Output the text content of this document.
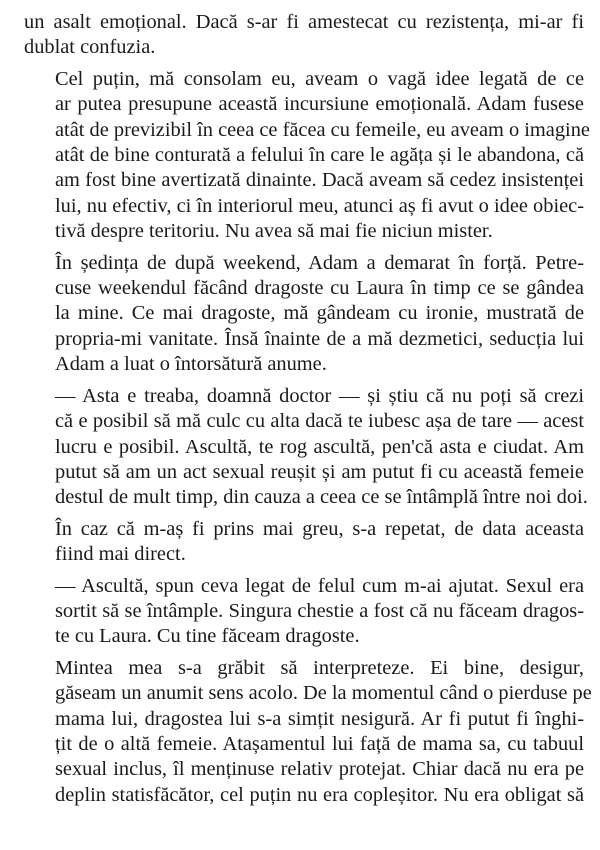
un asalt emoțional. Dacă s-ar fi amestecat cu rezistența, mi-ar fi
dublat confuzia.

Cel puțin, mă consolam eu, aveam o vagă idee legată de ce
ar putea presupune această incursiune emoțională. Adam fusese
atât de previzibil în ceea ce făcea cu femeile, eu aveam o imagine
atât de bine conturată a felului în care le agăța și le abandona, că
am fost bine avertizată dinainte. Dacă aveam să cedez insistenței
lui, nu efectiv, ci în interiorul meu, atunci aș fi avut o idee obiec-
tivă despre teritoriu. Nu avea să mai fie niciun mister.

În ședința de după weekend, Adam a demarat în forță. Petre-
cuse weekendul făcând dragoste cu Laura în timp ce se gândea
la mine. Ce mai dragoste, mă gândeam cu ironie, mustrată de
propria-mi vanitate. Însă înainte de a mă dezmetici, seducția lui
Adam a luat o întorsătură anume.

— Asta e treaba, doamnă doctor — și știu că nu poți să crezi
că e posibil să mă culc cu alta dacă te iubesc așa de tare — acest
lucru e posibil. Ascultă, te rog ascultă, pen'că asta e ciudat. Am
putut să am un act sexual reușit și am putut fi cu această femeie
destul de mult timp, din cauza a ceea ce se întâmplă între noi doi.

În caz că m-aș fi prins mai greu, s-a repetat, de data aceasta
fiind mai direct.

— Ascultă, spun ceva legat de felul cum m-ai ajutat. Sexul era
sortit să se întâmple. Singura chestie a fost că nu făceam dragos-
te cu Laura. Cu tine făceam dragoste.

Mintea mea s-a grăbit să interpreteze. Ei bine, desigur,
găseam un anumit sens acolo. De la momentul când o pierduse pe
mama lui, dragostea lui s-a simțit nesigură. Ar fi putut fi înghi-
țit de o altă femeie. Atașamentul lui față de mama sa, cu tabuul
sexual inclus, îl menținuse relativ protejat. Chiar dacă nu era pe
deplin statisfăcător, cel puțin nu era copleșitor. Nu era obligat să
